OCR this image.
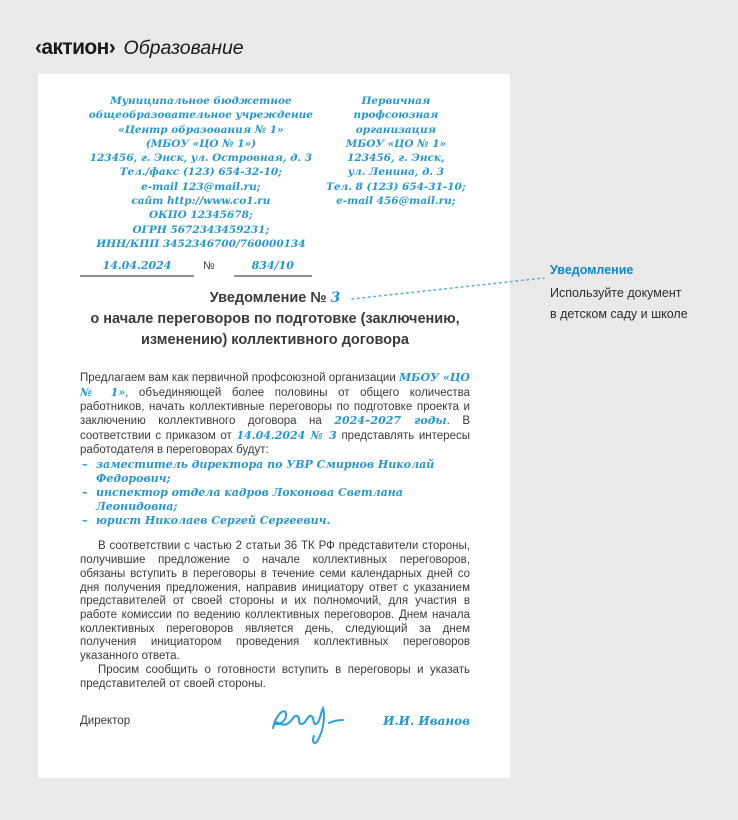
‹актион› Образование
Муниципальное бюджетное
общеобразовательное учреждение
«Центр образования № 1»
(МБОУ «ЦО № 1»)
123456, г. Энск, ул. Островная, д. 3
Тел./факс (123) 654-32-10;
e-mail 123@mail.ru;
сайт http://www.co1.ru
ОКПО 12345678;
ОГРН 5672343459231;
ИНН/КПП 3452346700/760000134
Первичная
профсоюзная
организация
МБОУ «ЦО № 1»
123456, г. Энск,
ул. Ленина, д. 3
Тел. 8 (123) 654-31-10;
e-mail 456@mail.ru;
14.04.2024	№	834/10
Уведомление № 3
о начале переговоров по подготовке (заключению,
изменению) коллективного договора

Предлагаем вам как первичной профсоюзной организации МБОУ «ЦО № 1», объединяющей более половины от общего количества работников, начать коллективные переговоры по подготовке проекта и заключению коллективного договора на 2024–2027 годы. В соответствии с приказом от 14.04.2024 № 3 представлять интересы работодателя в переговорах будут:

– заместитель директора по УВР Смирнов Николай Федорович;
– инспектор отдела кадров Локонова Светлана Леонидовна;
– юрист Николаев Сергей Сергеевич.

В соответствии с частью 2 статьи 36 ТК РФ представители стороны, получившие предложение о начале коллективных переговоров, обязаны вступить в переговоры в течение семи календарных дней со дня получения предложения, направив инициатору ответ с указанием представителей от своей стороны и их полномочий, для участия в работе комиссии по ведению коллективных переговоров. Днем начала коллективных переговоров является день, следующий за днем получения инициатором проведения коллективных переговоров указанного ответа.

Просим сообщить о готовности вступить в переговоры и указать представителей от своей стороны.

Директор	И.И. Иванов
Уведомление
Используйте документ
в детском саду и школе
